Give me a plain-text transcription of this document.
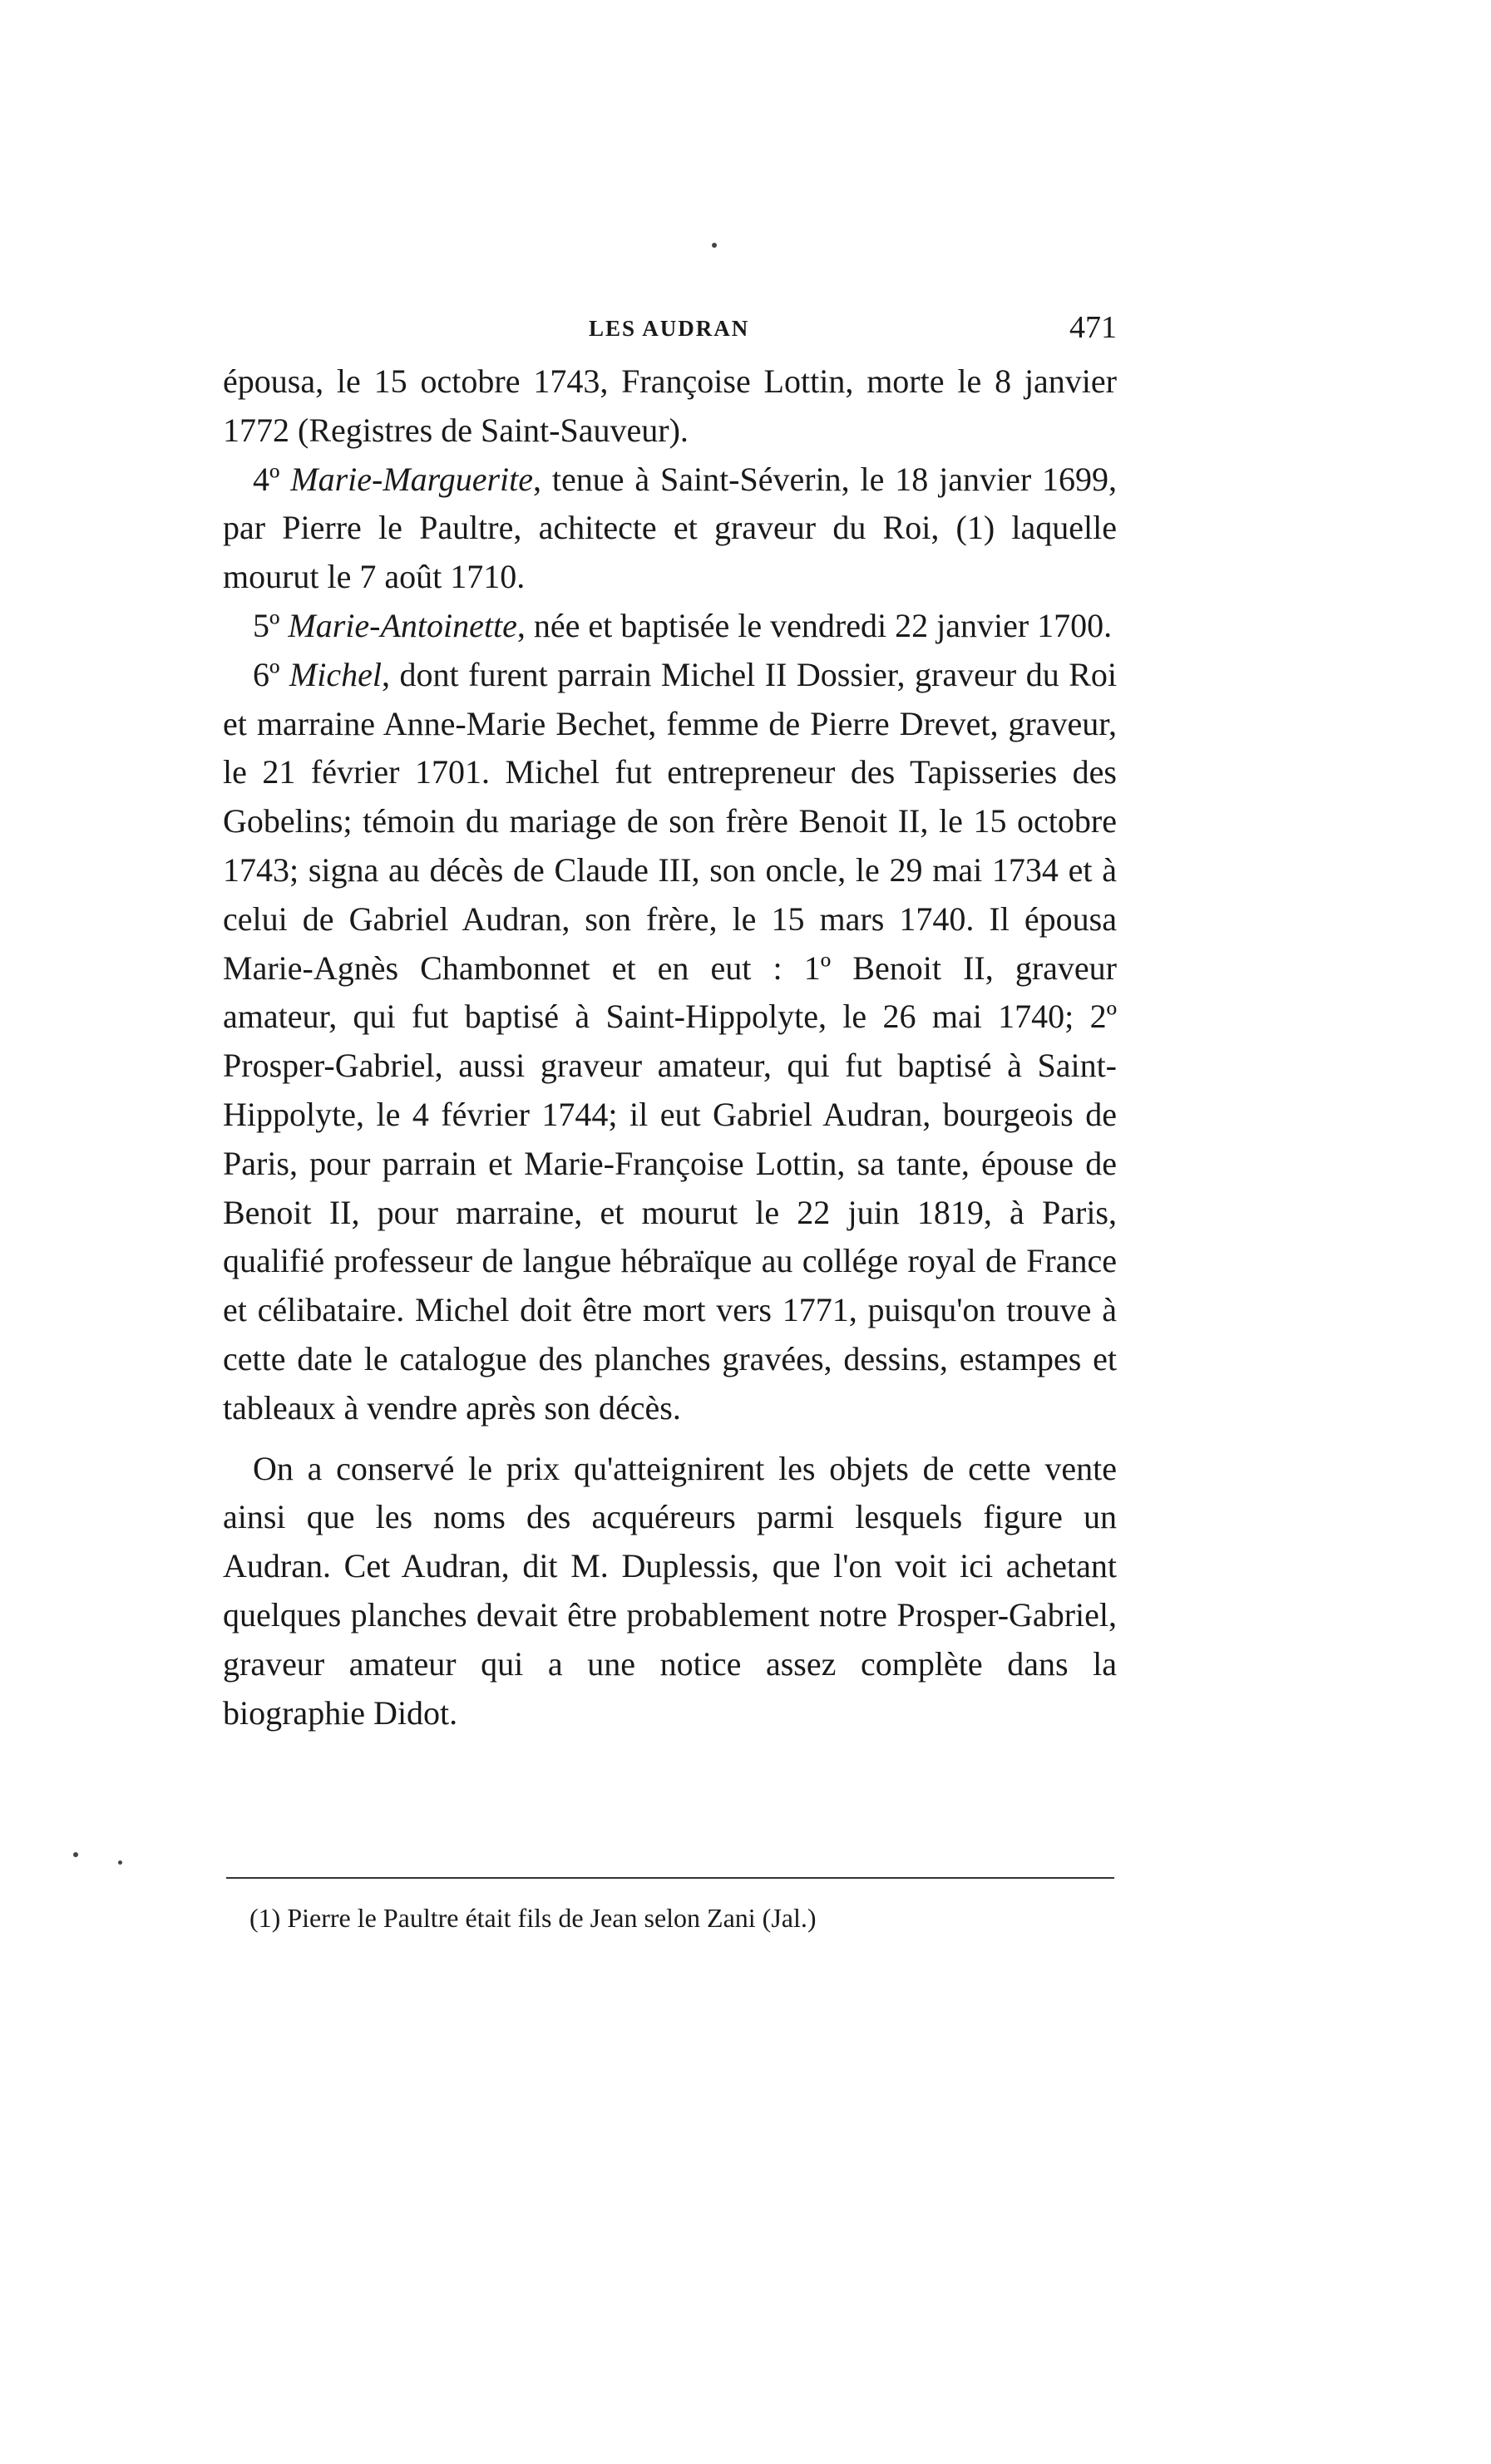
LES AUDRAN	471

épousa, le 15 octobre 1743, Françoise Lottin, morte le 8 janvier 1772 (Registres de Saint-Sauveur).

4º Marie-Marguerite, tenue à Saint-Séverin, le 18 janvier 1699, par Pierre le Paultre, achitecte et graveur du Roi, (1) laquelle mourut le 7 août 1710.

5º Marie-Antoinette, née et baptisée le vendredi 22 janvier 1700.

6º Michel, dont furent parrain Michel II Dossier, graveur du Roi et marraine Anne-Marie Bechet, femme de Pierre Drevet, graveur, le 21 février 1701. Michel fut entrepreneur des Tapisseries des Gobelins; témoin du mariage de son frère Benoit II, le 15 octobre 1743; signa au décès de Claude III, son oncle, le 29 mai 1734 et à celui de Gabriel Audran, son frère, le 15 mars 1740. Il épousa Marie-Agnès Chambonnet et en eut : 1º Benoit II, graveur amateur, qui fut baptisé à Saint-Hippolyte, le 26 mai 1740; 2º Prosper-Gabriel, aussi graveur amateur, qui fut baptisé à Saint-Hippolyte, le 4 février 1744; il eut Gabriel Audran, bourgeois de Paris, pour parrain et Marie-Françoise Lottin, sa tante, épouse de Benoit II, pour marraine, et mourut le 22 juin 1819, à Paris, qualifié professeur de langue hébraïque au collége royal de France et célibataire. Michel doit être mort vers 1771, puisqu'on trouve à cette date le catalogue des planches gravées, dessins, estampes et tableaux à vendre après son décès.

On a conservé le prix qu'atteignirent les objets de cette vente ainsi que les noms des acquéreurs parmi lesquels figure un Audran. Cet Audran, dit M. Duplessis, que l'on voit ici achetant quelques planches devait être probablement notre Prosper-Gabriel, graveur amateur qui a une notice assez complète dans la biographie Didot.

(1) Pierre le Paultre était fils de Jean selon Zani (Jal.)
